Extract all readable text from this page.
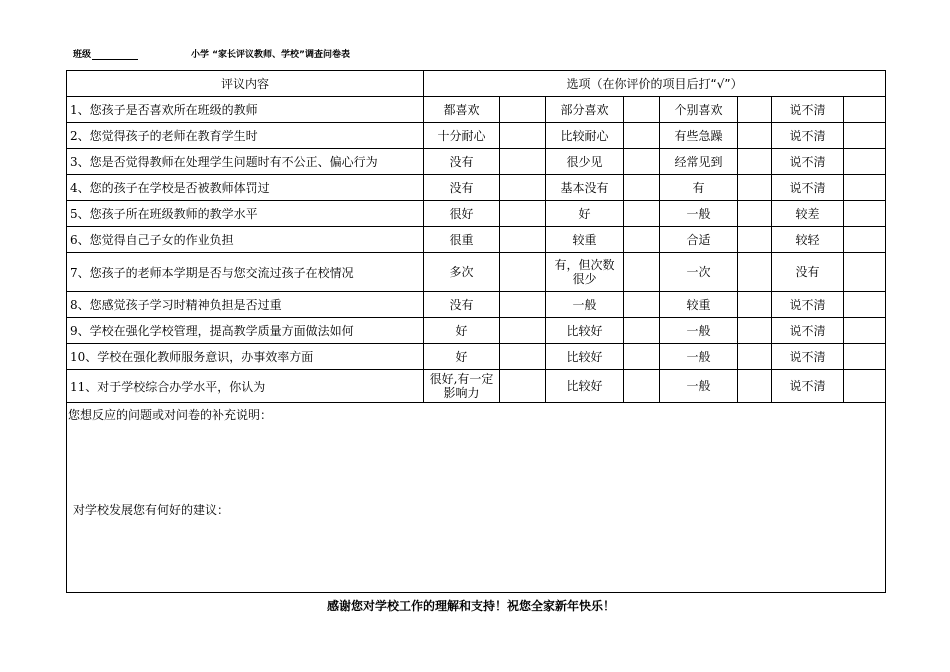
班级	小学 “家长评议教师、学校”调查问卷表
评议内容	选项（在你评价的项目后打“√”）							
1、您孩子是否喜欢所在班级的教师	都喜欢		部分喜欢		个别喜欢		说不清	
2、您觉得孩子的老师在教育学生时	十分耐心		比较耐心		有些急躁		说不清	
3、您是否觉得教师在处理学生问题时有不公正、偏心行为	没有		很少见		经常见到		说不清	
4、您的孩子在学校是否被教师体罚过	没有		基本没有		有		说不清	
5、您孩子所在班级教师的教学水平	很好		好		一般		较差	
6、您觉得自己子女的作业负担	很重		较重		合适		较轻	
7、您孩子的老师本学期是否与您交流过孩子在校情况	多次		有，但次数很少		一次		没有	
8、您感觉孩子学习时精神负担是否过重	没有		一般		较重		说不清	
9、学校在强化学校管理，提高教学质量方面做法如何	好		比较好		一般		说不清	
10、学校在强化教师服务意识，办事效率方面	好		比较好		一般		说不清	
11、对于学校综合办学水平，你认为	很好,有一定影响力		比较好		一般		说不清	

您想反应的问题或对问卷的补充说明：
对学校发展您有何好的建议：								
感谢您对学校工作的理解和支持！祝您全家新年快乐！
